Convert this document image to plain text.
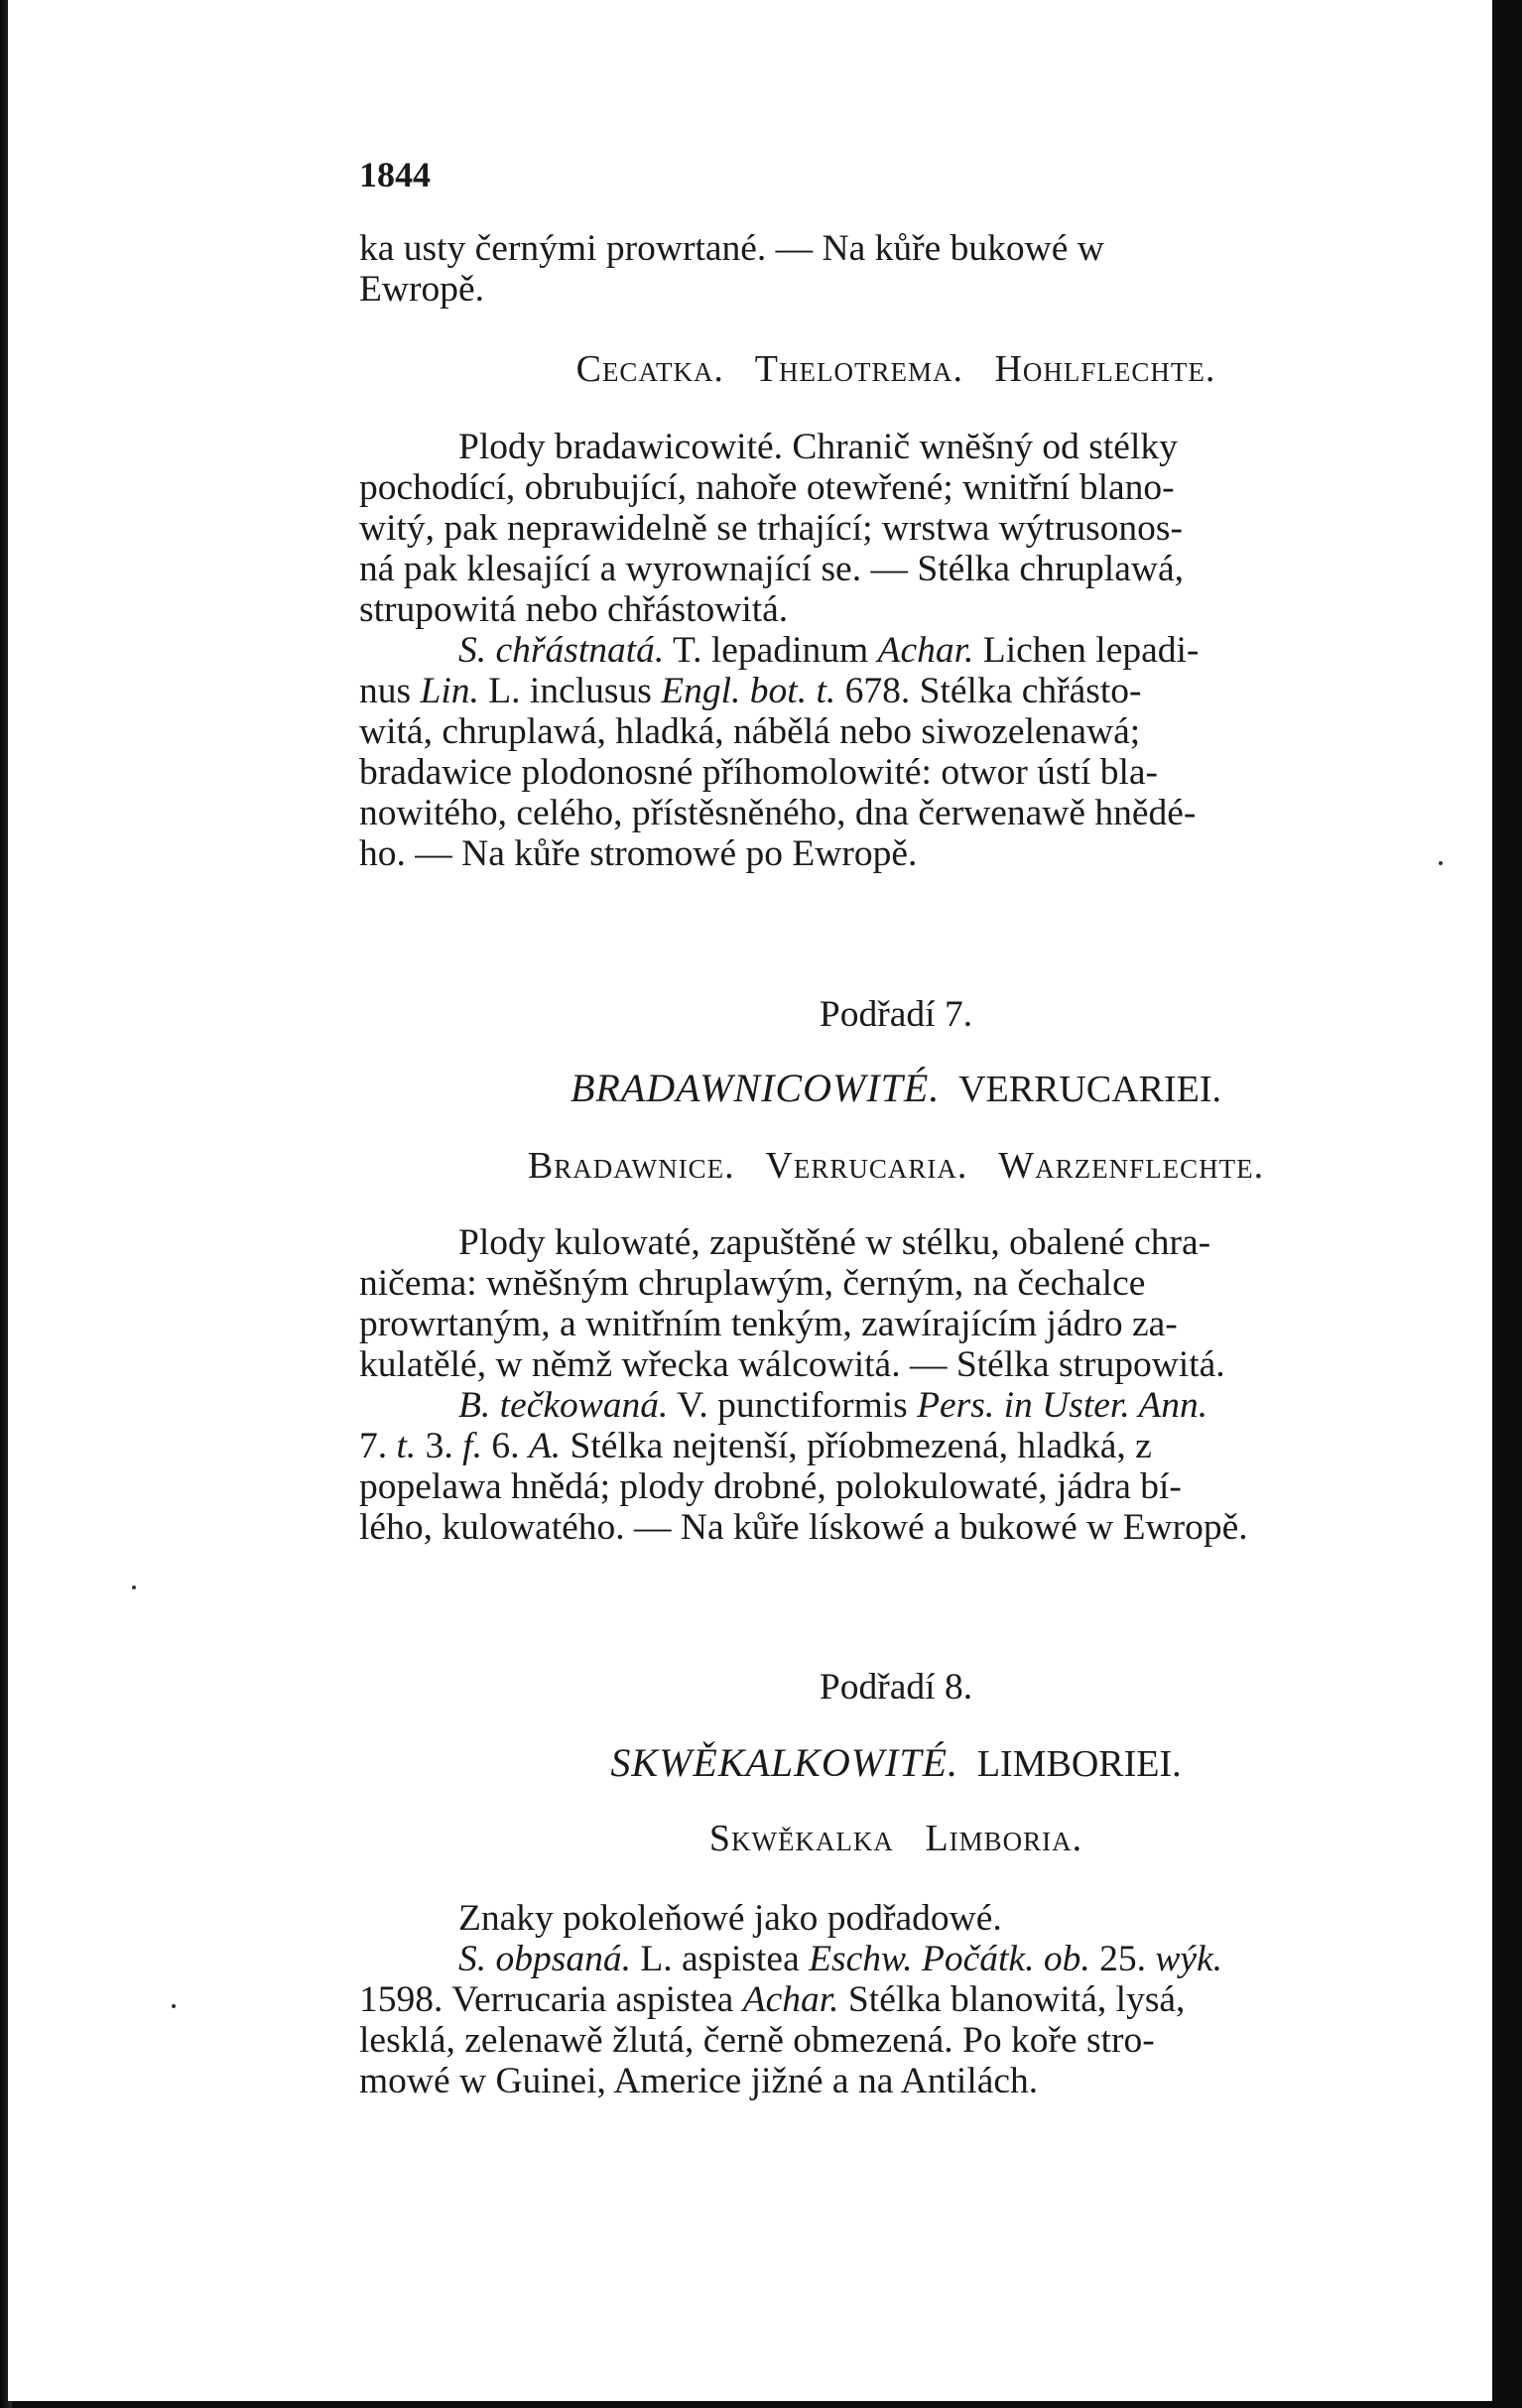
1844
ka usty černými prowrtané. — Na kůře bukowé w
Ewropě.
Cecatka. Thelotrema. Hohlflechte.
Plody bradawicowité. Chranič wnĕšný od stélky
pochodící, obrubující, nahoře otewřené; wnitřní blano-
witý, pak neprawidelně se trhající; wrstwa wýtrusonos-
ná pak klesající a wyrownající se. — Stélka chruplawá,
strupowitá nebo chřástowitá.
S. chřástnatá. T. lepadinum Achar. Lichen lepadi-
nus Lin. L. inclusus Engl. bot. t. 678. Stélka chřásto-
witá, chruplawá, hladká, nábělá nebo siwozelenawá;
bradawice plodonosné příhomolowité: otwor ústí bla-
nowitého, celého, přístěsněného, dna čerwenawě hnědé-
ho. — Na kůře stromowé po Ewropě.
Podřadí 7.
BRADAWNICOWITÉ. VERRUCARIEI.
Bradawnice. Verrucaria. Warzenflechte.
Plody kulowaté, zapuštěné w stélku, obalené chra-
ničema: wnĕšným chruplawým, černým, na čechalce
prowrtaným, a wnitřním tenkým, zawírajícím jádro za-
kulatělé, w němž wřecka wálcowitá. — Stélka strupowitá.
B. tečkowaná. V. punctiformis Pers. in Uster. Ann.
7. t. 3. f. 6. A. Stélka nejtenší, příobmezená, hladká, z
popelawa hnědá; plody drobné, polokulowaté, jádra bí-
lého, kulowatého. — Na kůře lískowé a bukowé w Ewropě.
Podřadí 8.
SKWĚKALKOWITÉ. LIMBORIEI.
Skwěkalka Limboria.
Znaky pokoleňowé jako podřadowé.
S. obpsaná. L. aspistea Eschw. Počátk. ob. 25. wýk.
1598. Verrucaria aspistea Achar. Stélka blanowitá, lysá,
lesklá, zelenawě žlutá, černě obmezená. Po koře stro-
mowé w Guinei, Americe jižné a na Antilách.
